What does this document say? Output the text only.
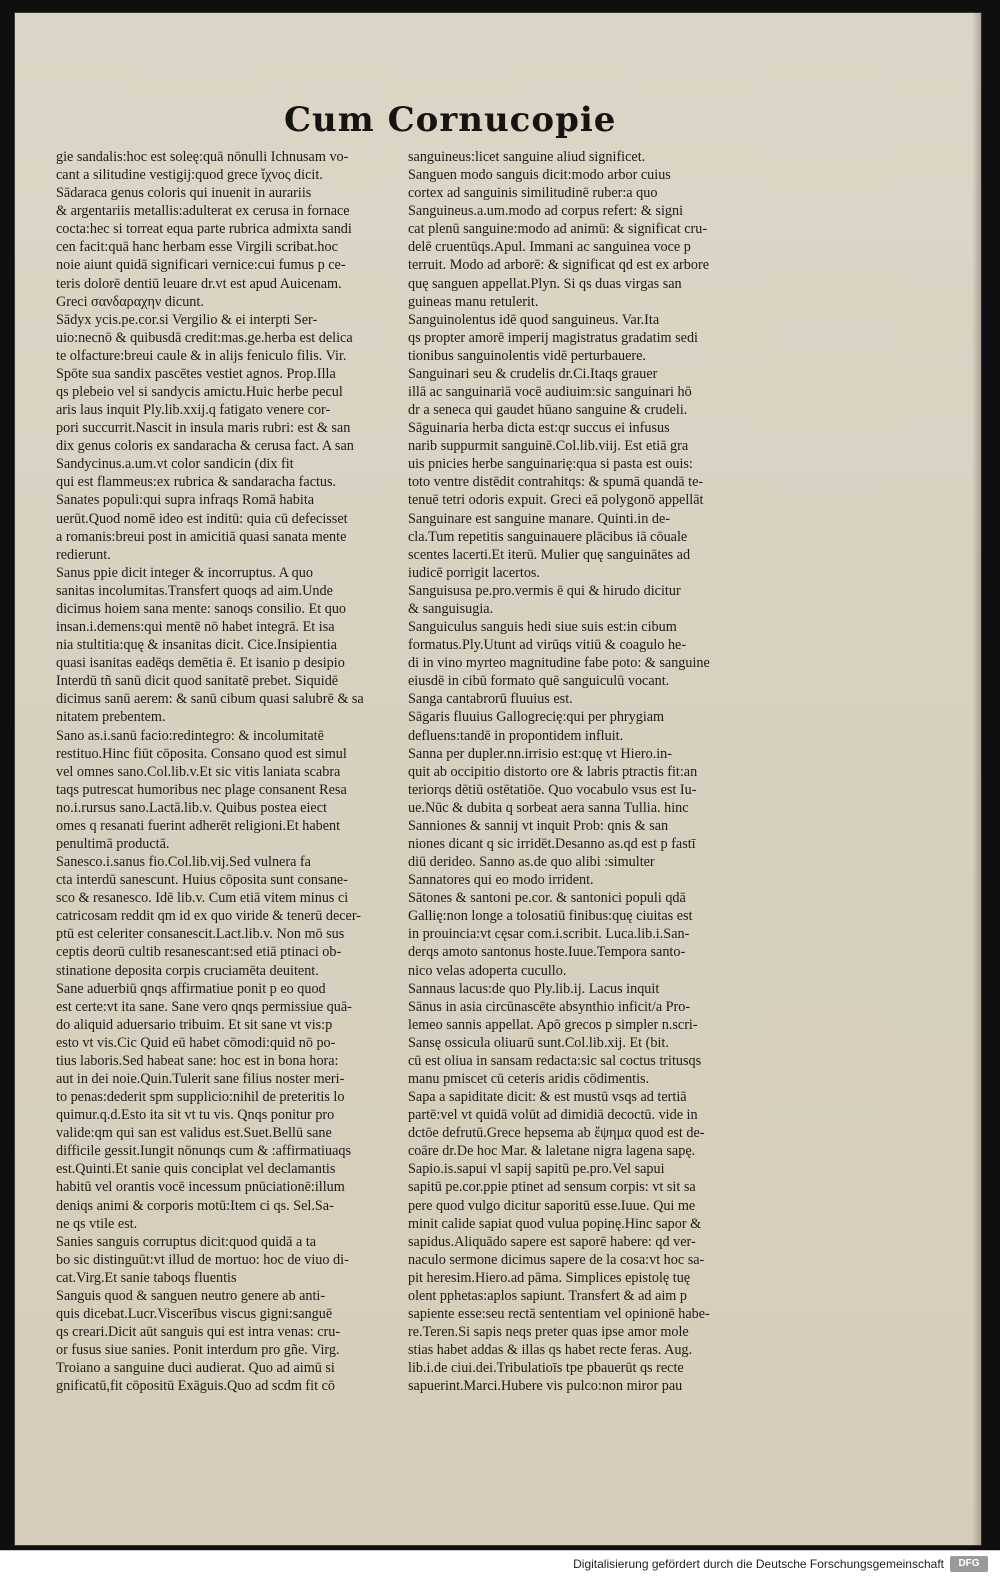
Cum Cornucopie
gie sandalis:hoc est soleę:quā nōnulli Ichnusam vo-
cant a silitudine vestigij:quod grece ἴχνος dicit.
Sādaraca genus coloris qui inuenit in aurariis
& argentariis metallis:adulterat ex cerusa in fornace
cocta:hec si torreat equa parte rubrica admixta sandi
cen facit:quā hanc herbam esse Virgili scribat.hoc
noie aiunt quidā significari vernice:cui fumus p ce-
teris dolorē dentiū leuare dr.vt est apud Auicenam.
Greci σανδαραχην dicunt.
Sādyx ycis.pe.cor.si Vergilio & ei interpti Ser-
uio:necnō & quibusdā credit:mas.ge.herba est delica
te olfacture:breui caule & in alijs feniculo filis. Vir.
Spōte sua sandix pascētes vestiet agnos. Prop.Illa
qs plebeio vel si sandycis amictu.Huic herbe pecul
aris laus inquit Ply.lib.xxij.q fatigato venere cor-
pori succurrit.Nascit in insula maris rubri: est & san
dix genus coloris ex sandaracha & cerusa fact. A san
Sandycinus.a.um.vt color sandicin (dix fit
qui est flammeus:ex rubrica & sandaracha factus.
Sanates populi:qui supra infraqs Romā habita
uerūt.Quod nomē ideo est inditū: quia cū defecisset
a romanis:breui post in amicitiā quasi sanata mente
redierunt.
Sanus ppie dicit integer & incorruptus. A quo
sanitas incolumitas.Transfert quoqs ad aim.Unde
dicimus hoiem sana mente: sanoqs consilio. Et quo
insan.i.demens:qui mentē nō habet integrā. Et isa
nia stultitia:quę & insanitas dicit. Cice.Insipientia
quasi isanitas eadēqs demētia ē. Et isanio p desipio
Interdū tñ sanū dicit quod sanitatē prebet. Siquidē
dicimus sanū aerem: & sanū cibum quasi salubrē & sa
nitatem prebentem.
Sano as.i.sanū facio:redintegro: & incolumitatē
restituo.Hinc fiūt cōposita. Consano quod est simul
vel omnes sano.Col.lib.v.Et sic vitis laniata scabra
taqs putrescat humoribus nec plage consanent Resa
no.i.rursus sano.Lactā.lib.v. Quibus postea eiect
omes q resanati fuerint adherēt religioni.Et habent
penultimā productā.
Sanesco.i.sanus fio.Col.lib.vij.Sed vulnera fa
cta interdū sanescunt. Huius cōposita sunt consane-
sco & resanesco. Idē lib.v. Cum etiā vitem minus ci
catricosam reddit qm id ex quo viride & tenerū decer-
ptū est celeriter consanescit.Lact.lib.v. Non mō sus
ceptis deorū cultib resanescant:sed etiā ptinaci ob-
stinatione deposita corpis cruciamēta deuitent.
Sane aduerbiū qnqs affirmatiue ponit p eo quod
est certe:vt ita sane. Sane vero qnqs permissiue quā-
do aliquid aduersario tribuim. Et sit sane vt vis:p
esto vt vis.Cic Quid eū habet cōmodi:quid nō po-
tius laboris.Sed habeat sane: hoc est in bona hora:
aut in dei noie.Quin.Tulerit sane filius noster meri-
to penas:dederit spm supplicio:nihil de preteritis lo
quimur.q.d.Esto ita sit vt tu vis. Qnqs ponitur pro
valide:qm qui san est validus est.Suet.Bellū sane
difficile gessit.Iungit nōnunqs cum & :affirmatiuaqs
est.Quinti.Et sanie quis conciplat vel declamantis
habitū vel orantis vocē incessum pnūciationē:illum
deniqs animi & corporis motū:Item ci qs. Sel.Sa-
ne qs vtile est.
Sanies sanguis corruptus dicit:quod quidā a ta
bo sic distinguūt:vt illud de mortuo: hoc de viuo di-
cat.Virg.Et sanie taboqs fluentis
Sanguis quod & sanguen neutro genere ab anti-
quis dicebat.Lucr.Viscerībus viscus gigni:sanguē
qs creari.Dicit aūt sanguis qui est intra venas: cru-
or fusus siue sanies. Ponit interdum pro gñe. Virg.
Troiano a sanguine duci audierat. Quo ad aimū si
gnificatū,fit cōpositū Exāguis.Quo ad scdm fit cō
sanguineus:licet sanguine aliud significet.
Sanguen modo sanguis dicit:modo arbor cuius
cortex ad sanguinis similitudinē ruber:a quo
Sanguineus.a.um.modo ad corpus refert: & signi
cat plenū sanguine:modo ad animū: & significat cru-
delē cruentūqs.Apul. Immani ac sanguinea voce p
terruit. Modo ad arborē: & significat qd est ex arbore
quę sanguen appellat.Plyn. Si qs duas virgas san
guineas manu retulerit.
Sanguinolentus idē quod sanguineus. Var.Ita
qs propter amorē imperij magistratus gradatim sedi
tionibus sanguinolentis vidē perturbauere.
Sanguinari seu & crudelis dr.Ci.Itaqs grauer
illā ac sanguinariā vocē audiuim:sic sanguinari hō
dr a seneca qui gaudet hūano sanguine & crudeli.
Sāguinaria herba dicta est:qr succus ei infusus
narib suppurmit sanguinē.Col.lib.viij. Est etiā gra
uis pnicies herbe sanguinarię:qua si pasta est ouis:
toto ventre distēdit contrahitqs: & spumā quandā te-
tenuē tetri odoris expuit. Greci eā polygonō appellāt
Sanguinare est sanguine manare. Quinti.in de-
cla.Tum repetitis sanguinauere plācibus iā cōuale
scentes lacerti.Et iterū. Mulier quę sanguinātes ad
iudicē porrigit lacertos.
Sanguisusa pe.pro.vermis ē qui & hirudo dicitur
& sanguisugia.
Sanguiculus sanguis hedi siue suis est:in cibum
formatus.Ply.Utunt ad virūqs vitiū & coagulo he-
di in vino myrteo magnitudine fabe poto: & sanguine
eiusdē in cibū formato quē sanguiculū vocant.
Sanga cantabrorū fluuius est.
Sāgaris fluuius Gallogrecię:qui per phrygiam
defluens:tandē in propontidem influit.
Sanna per dupler.nn.irrisio est:quę vt Hiero.in-
quit ab occipitio distorto ore & labris ptractis fit:an
teriorqs dētiū ostētatiōe. Quo vocabulo vsus est Iu-
ue.Nūc & dubita q sorbeat aera sanna Tullia. hinc
Sanniones & sannij vt inquit Prob: qnis & san
niones dicant q sic irridēt.Desanno as.qd est p fastī
diū derideo. Sanno as.de quo alibi :simulter
Sannatores qui eo modo irrident.
Sātones & santoni pe.cor. & santonici populi qdā
Gallię:non longe a tolosatiū finibus:quę ciuitas est
in prouincia:vt cęsar com.i.scribit. Luca.lib.i.San-
derqs amoto santonus hoste.Iuue.Tempora santo-
nico velas adoperta cucullo.
Sannaus lacus:de quo Ply.lib.ij. Lacus inquit
Sānus in asia circūnascēte absynthio inficit/a Pro-
lemeo sannis appellat. Apō grecos p simpler n.scri-
Sansę ossicula oliuarū sunt.Col.lib.xij. Et (bit.
cū est oliua in sansam redacta:sic sal coctus tritusqs
manu pmiscet cū ceteris aridis cōdimentis.
Sapa a sapiditate dicit: & est mustū vsqs ad tertiā
partē:vel vt quidā volūt ad dimidiā decoctū. vide in
dctōe defrutū.Grece hepsema ab ἕψημα quod est de-
coāre dr.De hoc Mar. & laletane nigra lagena sapę.
Sapio.is.sapui vl sapij sapitū pe.pro.Vel sapui
sapitū pe.cor.ppie ptinet ad sensum corpis: vt sit sa
pere quod vulgo dicitur saporitū esse.Iuue. Qui me
minit calide sapiat quod vulua popinę.Hinc sapor &
sapidus.Aliquādo sapere est saporē habere: qd ver-
naculo sermone dicimus sapere de la cosa:vt hoc sa-
pit heresim.Hiero.ad pāma. Simplices epistolę tuę
olent pphetas:aplos sapiunt. Transfert & ad aim p
sapiente esse:seu rectā sententiam vel opinionē habe-
re.Teren.Si sapis neqs preter quas ipse amor mole
stias habet addas & illas qs habet recte feras. Aug.
lib.i.de ciui.dei.Tribulatioīs tpe pbauerūt qs recte
sapuerint.Marci.Hubere vis pulco:non miror pau
Digitalisierung gefördert durch die Deutsche Forschungsgemeinschaft	DFG
